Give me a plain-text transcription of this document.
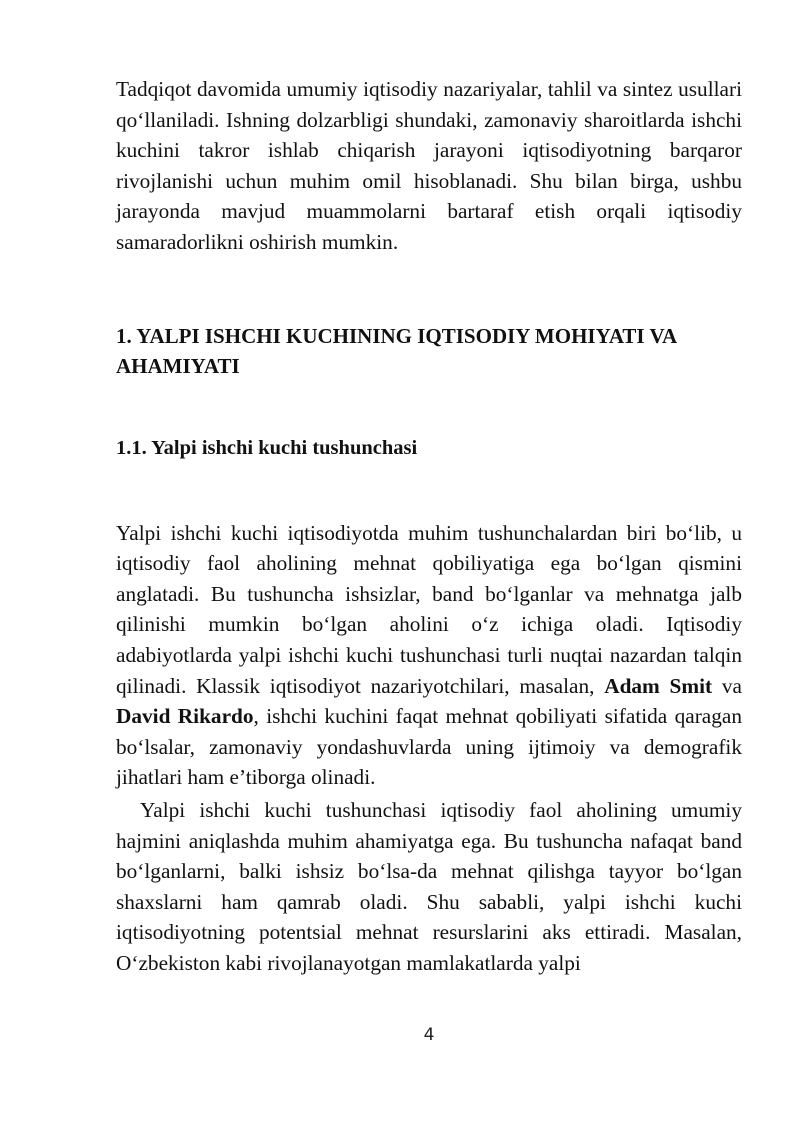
Tadqiqot davomida umumiy iqtisodiy nazariyalar, tahlil va sintez usullari qo‘llaniladi. Ishning dolzarbligi shundaki, zamonaviy sharoitlarda ishchi kuchini takror ishlab chiqarish jarayoni iqtisodiyotning barqaror rivojlanishi uchun muhim omil hisoblanadi. Shu bilan birga, ushbu jarayonda mavjud muammolarni bartaraf etish orqali iqtisodiy samaradorlikni oshirish mumkin.

1. YALPI ISHCHI KUCHINING IQTISODIY MOHIYATI VA AHAMIYATI
1.1. Yalpi ishchi kuchi tushunchasi

Yalpi ishchi kuchi iqtisodiyotda muhim tushunchalardan biri bo‘lib, u iqtisodiy faol aholining mehnat qobiliyatiga ega bo‘lgan qismini anglatadi. Bu tushuncha ishsizlar, band bo‘lganlar va mehnatga jalb qilinishi mumkin bo‘lgan aholini o‘z ichiga oladi. Iqtisodiy adabiyotlarda yalpi ishchi kuchi tushunchasi turli nuqtai nazardan talqin qilinadi. Klassik iqtisodiyot nazariyotchilari, masalan, Adam Smit va David Rikardo, ishchi kuchini faqat mehnat qobiliyati sifatida qaragan bo‘lsalar, zamonaviy yondashuvlarda uning ijtimoiy va demografik jihatlari ham e’tiborga olinadi.

Yalpi ishchi kuchi tushunchasi iqtisodiy faol aholining umumiy hajmini aniqlashda muhim ahamiyatga ega. Bu tushuncha nafaqat band bo‘lganlarni, balki ishsiz bo‘lsa-da mehnat qilishga tayyor bo‘lgan shaxslarni ham qamrab oladi. Shu sababli, yalpi ishchi kuchi iqtisodiyotning potentsial mehnat resurslarini aks ettiradi. Masalan, O‘zbekiston kabi rivojlanayotgan mamlakatlarda yalpi

4
